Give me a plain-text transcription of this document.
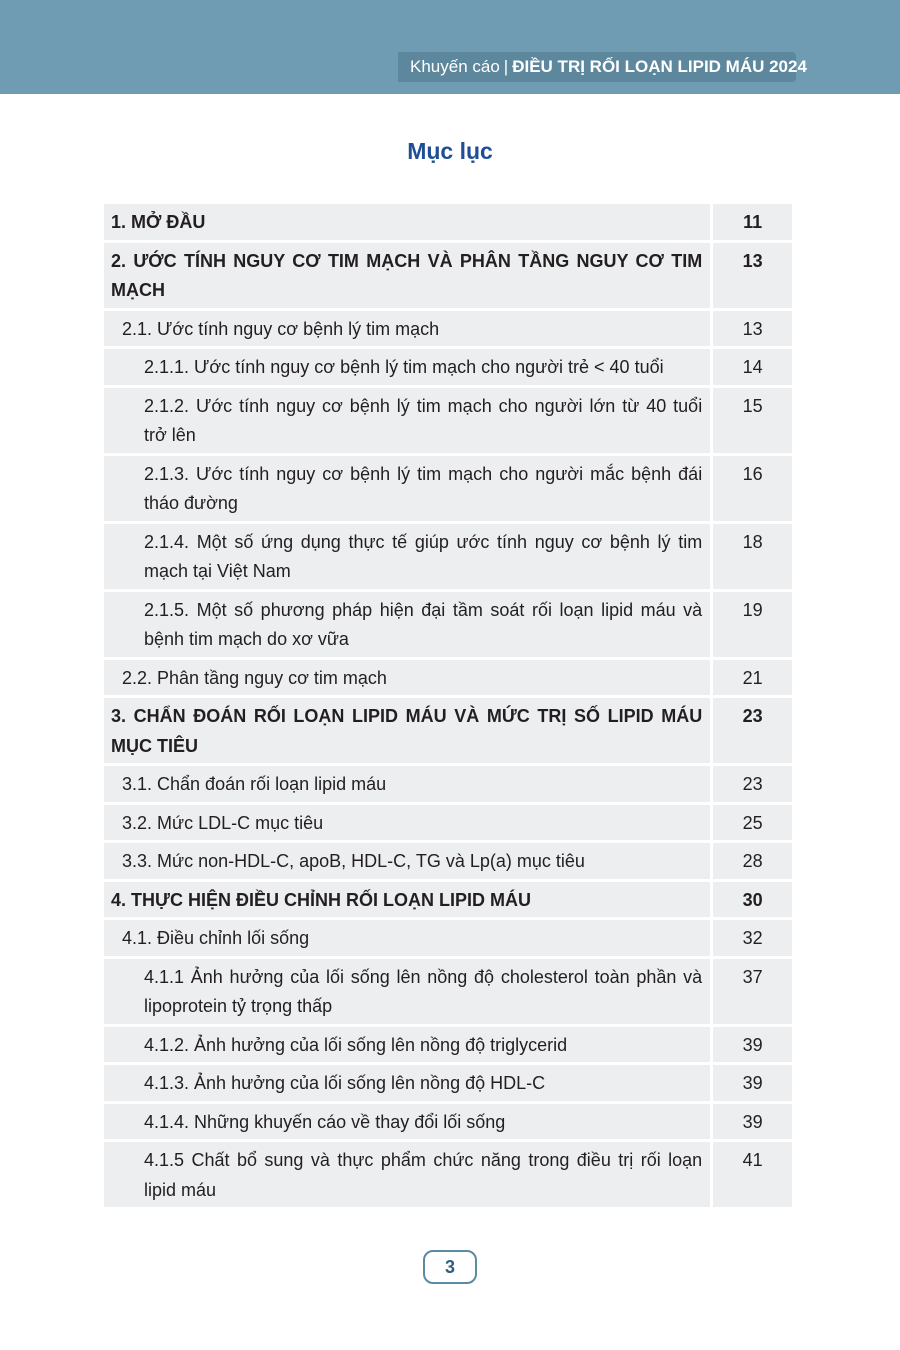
Khuyến cáo | ĐIỀU TRỊ RỐI LOẠN LIPID MÁU 2024
Mục lục
1. MỞ ĐẦU	11
2. ƯỚC TÍNH NGUY CƠ TIM MẠCH VÀ PHÂN TẦNG NGUY CƠ TIM MẠCH	13
2.1. Ước tính nguy cơ bệnh lý tim mạch	13
2.1.1. Ước tính nguy cơ bệnh lý tim mạch cho người trẻ < 40 tuổi	14
2.1.2. Ước tính nguy cơ bệnh lý tim mạch cho người lớn từ 40 tuổi trở lên	15
2.1.3. Ước tính nguy cơ bệnh lý tim mạch cho người mắc bệnh đái tháo đường	16
2.1.4. Một số ứng dụng thực tế giúp ước tính nguy cơ bệnh lý tim mạch tại Việt Nam	18
2.1.5. Một số phương pháp hiện đại tầm soát rối loạn lipid máu và bệnh tim mạch do xơ vữa	19
2.2. Phân tầng nguy cơ tim mạch	21
3. CHẨN ĐOÁN RỐI LOẠN LIPID MÁU VÀ MỨC TRỊ SỐ LIPID MÁU MỤC TIÊU	23
3.1. Chẩn đoán rối loạn lipid máu	23
3.2. Mức LDL-C mục tiêu	25
3.3. Mức non-HDL-C, apoB, HDL-C, TG và Lp(a) mục tiêu	28
4. THỰC HIỆN ĐIỀU CHỈNH RỐI LOẠN LIPID MÁU	30
4.1. Điều chỉnh lối sống	32
4.1.1 Ảnh hưởng của lối sống lên nồng độ cholesterol toàn phần và lipoprotein tỷ trọng thấp	37
4.1.2. Ảnh hưởng của lối sống lên nồng độ triglycerid	39
4.1.3. Ảnh hưởng của lối sống lên nồng độ HDL-C	39
4.1.4. Những khuyến cáo về thay đổi lối sống	39
4.1.5 Chất bổ sung và thực phẩm chức năng trong điều trị rối loạn lipid máu	41
3
